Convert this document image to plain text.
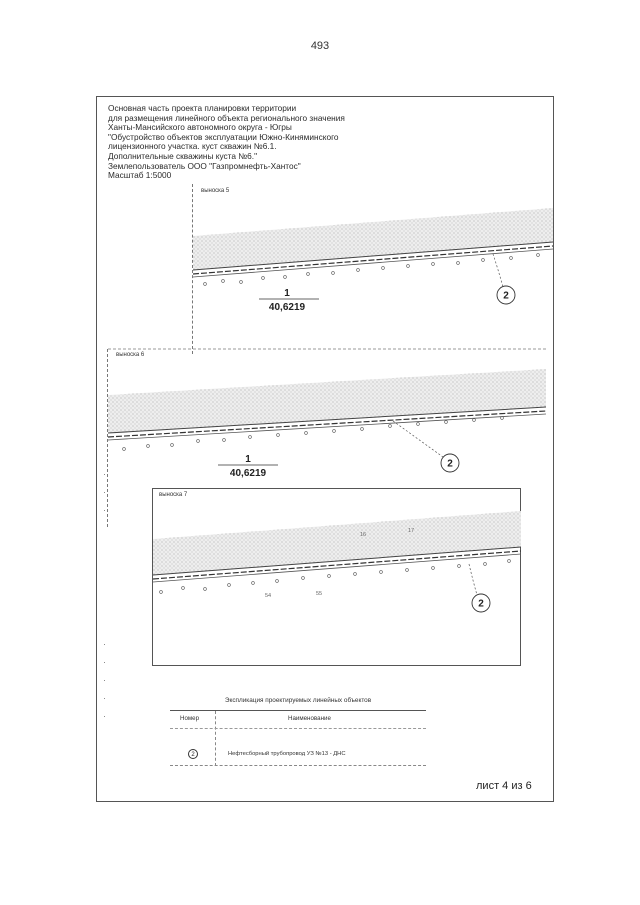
493
·

·

·
·

·

·

·

·
Основная часть проекта планировки территории
для размещения линейного объекта регионального значения
Ханты-Мансийского автономного округа - Югры
"Обустройство объектов эксплуатации Южно-Киняминского
лицензионного участка. куст скважин №6.1.
Дополнительные скважины куста №6."
Землепользователь ООО "Газпромнефть-Хантос"
Масштаб 1:5000
выноска 5
2
1
40,6219
выноска 6
2
1
40,6219
выноска 7
16
17
54	55
2
Экспликация проектируемых линейных объектов
Номер	Наименование
2	Нефтесборный трубопровод УЗ №13 - ДНС
лист 4 из 6
